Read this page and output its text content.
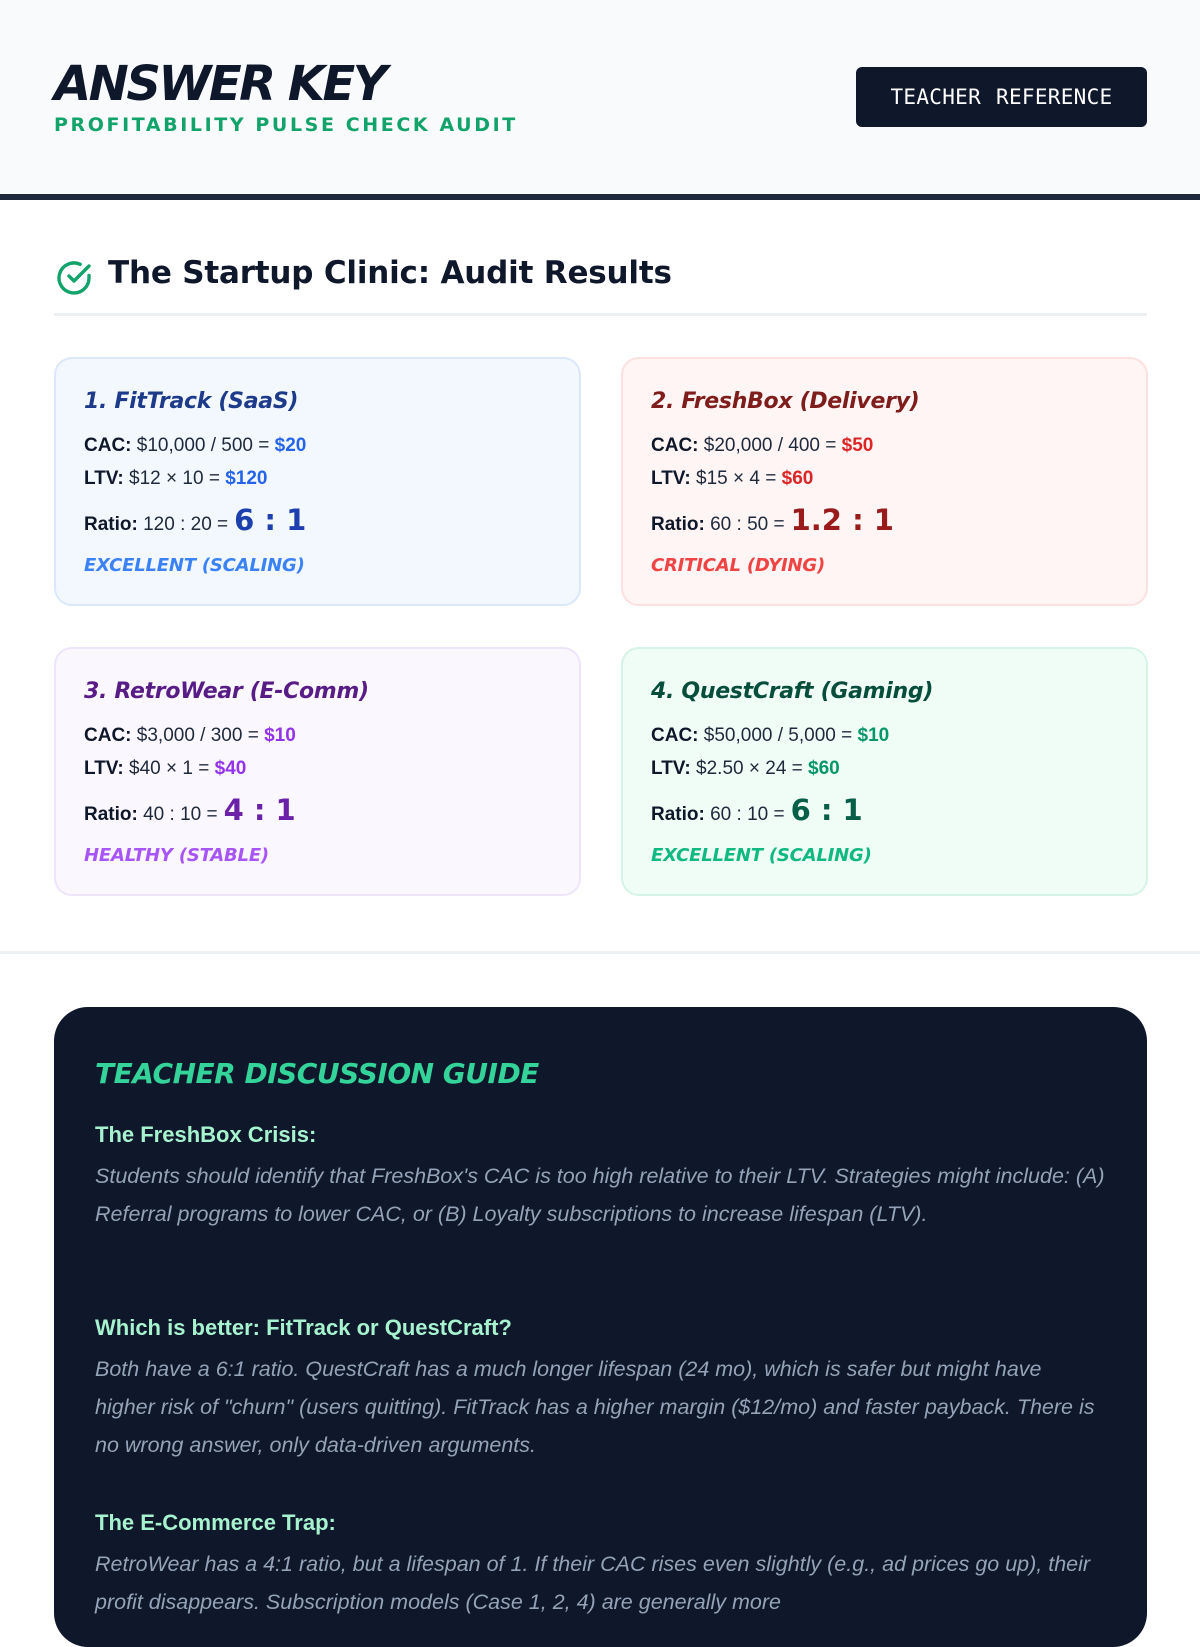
ANSWER KEY
PROFITABILITY PULSE CHECK AUDIT
TEACHER REFERENCE
The Startup Clinic: Audit Results
1. FitTrack (SaaS)
CAC: $10,000 / 500 = $20
LTV: $12 × 10 = $120
Ratio:
120 : 20 = 6 : 1
EXCELLENT (SCALING)
2. FreshBox (Delivery)
CAC: $20,000 / 400 = $50
LTV: $15 × 4 = $60
Ratio:
60 : 50 = 1.2 : 1
CRITICAL (DYING)
3. RetroWear (E-Comm)
CAC: $3,000 / 300 = $10
LTV: $40 × 1 = $40
Ratio:
40 : 10 = 4 : 1
HEALTHY (STABLE)
4. QuestCraft (Gaming)
CAC: $50,000 / 5,000 = $10
LTV: $2.50 × 24 = $60
Ratio:
60 : 10 = 6 : 1
EXCELLENT (SCALING)
TEACHER DISCUSSION GUIDE
The FreshBox Crisis:
Students should identify that FreshBox's CAC is too high relative to their LTV. Strategies might include: (A) Referral programs to lower CAC, or (B) Loyalty subscriptions to increase lifespan (LTV).
Which is better: FitTrack or QuestCraft?
Both have a 6:1 ratio. QuestCraft has a much longer lifespan (24 mo), which is safer but might have higher risk of "churn" (users quitting). FitTrack has a higher margin ($12/mo) and faster payback. There is no wrong answer, only data-driven arguments.
The E-Commerce Trap:
RetroWear has a 4:1 ratio, but a lifespan of 1. If their CAC rises even slightly (e.g., ad prices go up), their profit disappears. Subscription models (Case 1, 2, 4) are generally more
